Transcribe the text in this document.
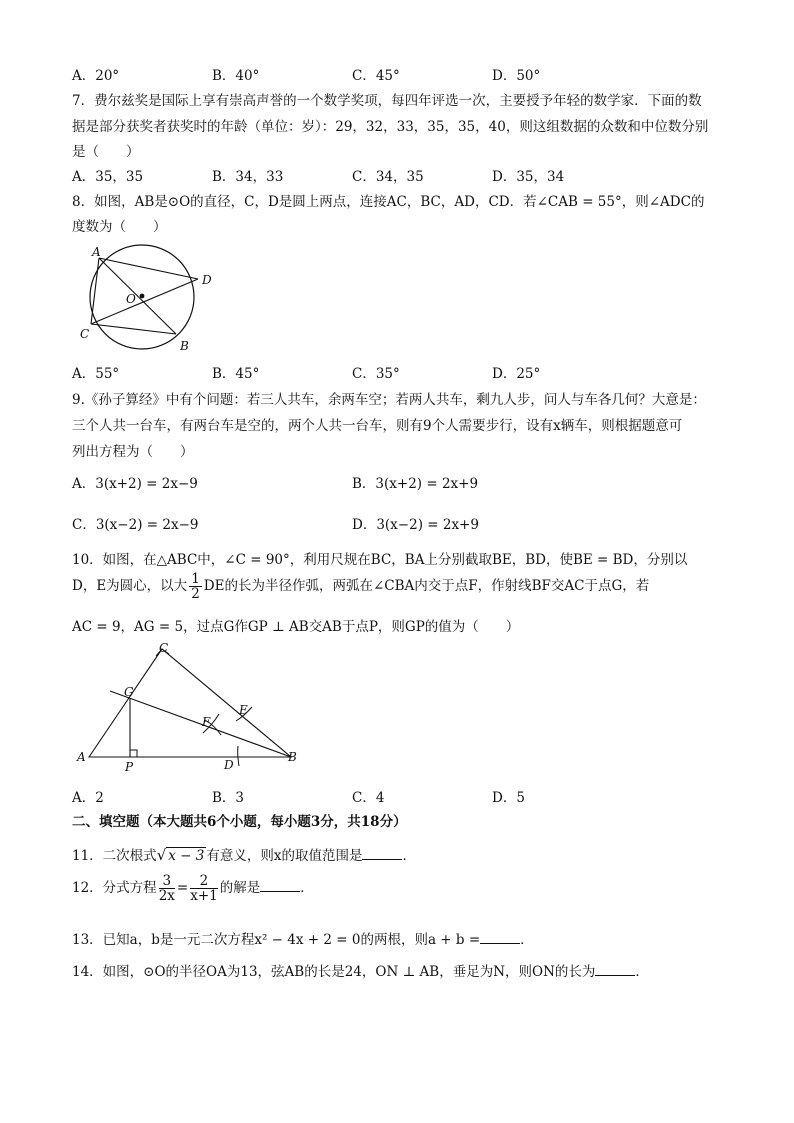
A．20°	B．40°	C．45°	D．50°
7．费尔兹奖是国际上享有崇高声誉的一个数学奖项，每四年评选一次，主要授予年轻的数学家．下面的数
据是部分获奖者获奖时的年龄（单位：岁）：29，32，33，35，35，40，则这组数据的众数和中位数分别
是（　　）
A．35，35	B．34，33	C．34，35	D．35，34
8．如图，AB是⊙O的直径，C，D是圆上两点，连接AC，BC，AD，CD．若∠CAB = 55°，则∠ADC的
度数为（　　）
A
D
O
C
B
A．55°	B．45°	C．35°	D．25°
9.《孙子算经》中有个问题：若三人共车，余两车空；若两人共车，剩九人步，问人与车各几何？大意是：
三个人共一台车，有两台车是空的，两个人共一台车，则有9个人需要步行，设有x辆车，则根据题意可
列出方程为（　　）
A．3(x+2) = 2x−9	B．3(x+2) = 2x+9
C．3(x−2) = 2x−9	D．3(x−2) = 2x+9
10．如图，在△ABC中，∠C = 90°，利用尺规在BC，BA上分别截取BE，BD，使BE = BD，分别以
D，E为圆心，以大 $\frac{1}{2}$ DE的长为半径作弧，两弧在∠CBA内交于点F，作射线BF交AC于点G，若
AC = 9，AG = 5，过点G作GP ⊥ AB交AB于点P，则GP的值为（　　）
C
G
E
F
A
P	D
B
A．2	B．3	C．4	D．5
二、填空题（本大题共6个小题，每小题3分，共18分）
11．二次根式√ x − 3 有意义，则x的取值范围是	．
12．分式方程 $\frac{3}{2x} = \frac{2}{x+1}$ 的解是	．
13．已知a，b是一元二次方程x² − 4x + 2 = 0的两根，则a + b =	．
14．如图，⊙O的半径OA为13，弦AB的长是24，ON ⊥ AB，垂足为N，则ON的长为	．
